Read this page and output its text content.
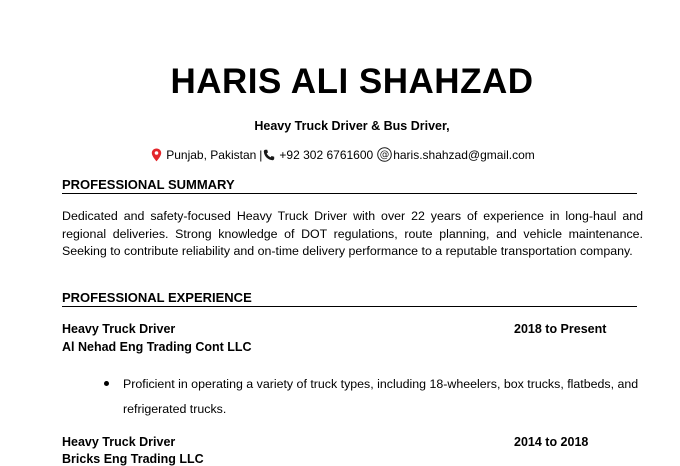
HARIS ALI SHAHZAD
Heavy Truck Driver & Bus Driver,
Punjab, Pakistan | +92 302 6761600 @ haris.shahzad@gmail.com
PROFESSIONAL SUMMARY
Dedicated and safety-focused Heavy Truck Driver with over 22 years of experience in long-haul and regional deliveries. Strong knowledge of DOT regulations, route planning, and vehicle maintenance. Seeking to contribute reliability and on-time delivery performance to a reputable transportation company.
PROFESSIONAL EXPERIENCE
Heavy Truck Driver	2018 to Present
Al Nehad Eng Trading Cont LLC
Proficient in operating a variety of truck types, including 18-wheelers, box trucks, flatbeds, and refrigerated trucks.
Heavy Truck Driver	2014 to 2018
Bricks Eng Trading LLC
